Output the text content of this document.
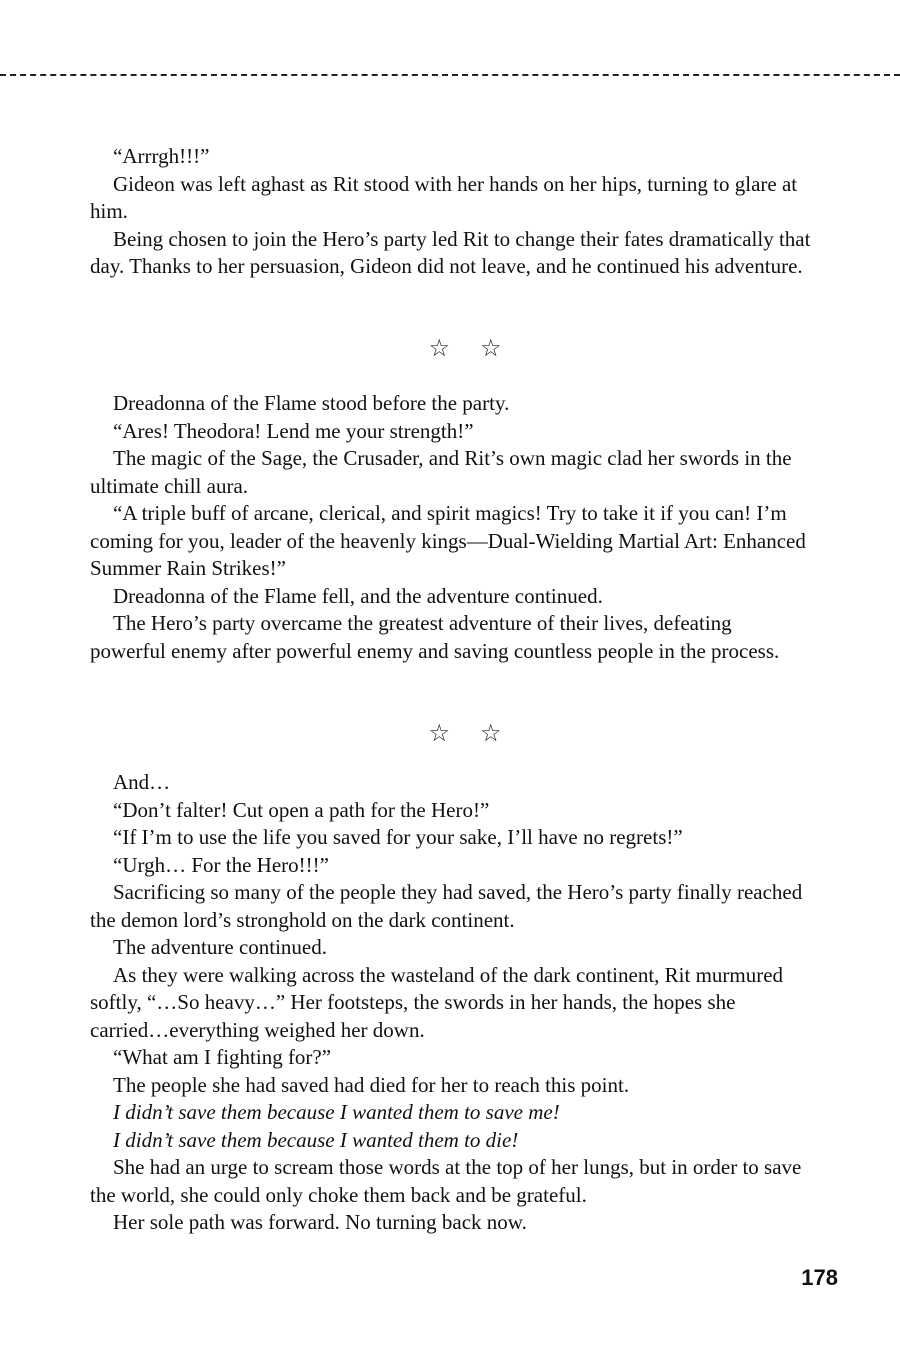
“Arrrgh!!!”

Gideon was left aghast as Rit stood with her hands on her hips, turning to glare at him.

Being chosen to join the Hero’s party led Rit to change their fates dramatically that day. Thanks to her persuasion, Gideon did not leave, and he continued his adventure.

☆ ☆

Dreadonna of the Flame stood before the party.

“Ares! Theodora! Lend me your strength!”

The magic of the Sage, the Crusader, and Rit’s own magic clad her swords in the ultimate chill aura.

“A triple buff of arcane, clerical, and spirit magics! Try to take it if you can! I’m coming for you, leader of the heavenly kings—Dual-Wielding Martial Art: Enhanced Summer Rain Strikes!”

Dreadonna of the Flame fell, and the adventure continued.

The Hero’s party overcame the greatest adventure of their lives, defeating powerful enemy after powerful enemy and saving countless people in the process.

☆ ☆

And…

“Don’t falter! Cut open a path for the Hero!”

“If I’m to use the life you saved for your sake, I’ll have no regrets!”

“Urgh… For the Hero!!!”

Sacrificing so many of the people they had saved, the Hero’s party finally reached the demon lord’s stronghold on the dark continent.

The adventure continued.

As they were walking across the wasteland of the dark continent, Rit murmured softly, “…So heavy…” Her footsteps, the swords in her hands, the hopes she carried…everything weighed her down.

“What am I fighting for?”

The people she had saved had died for her to reach this point.

I didn’t save them because I wanted them to save me!

I didn’t save them because I wanted them to die!

She had an urge to scream those words at the top of her lungs, but in order to save the world, she could only choke them back and be grateful.

Her sole path was forward. No turning back now.

178
